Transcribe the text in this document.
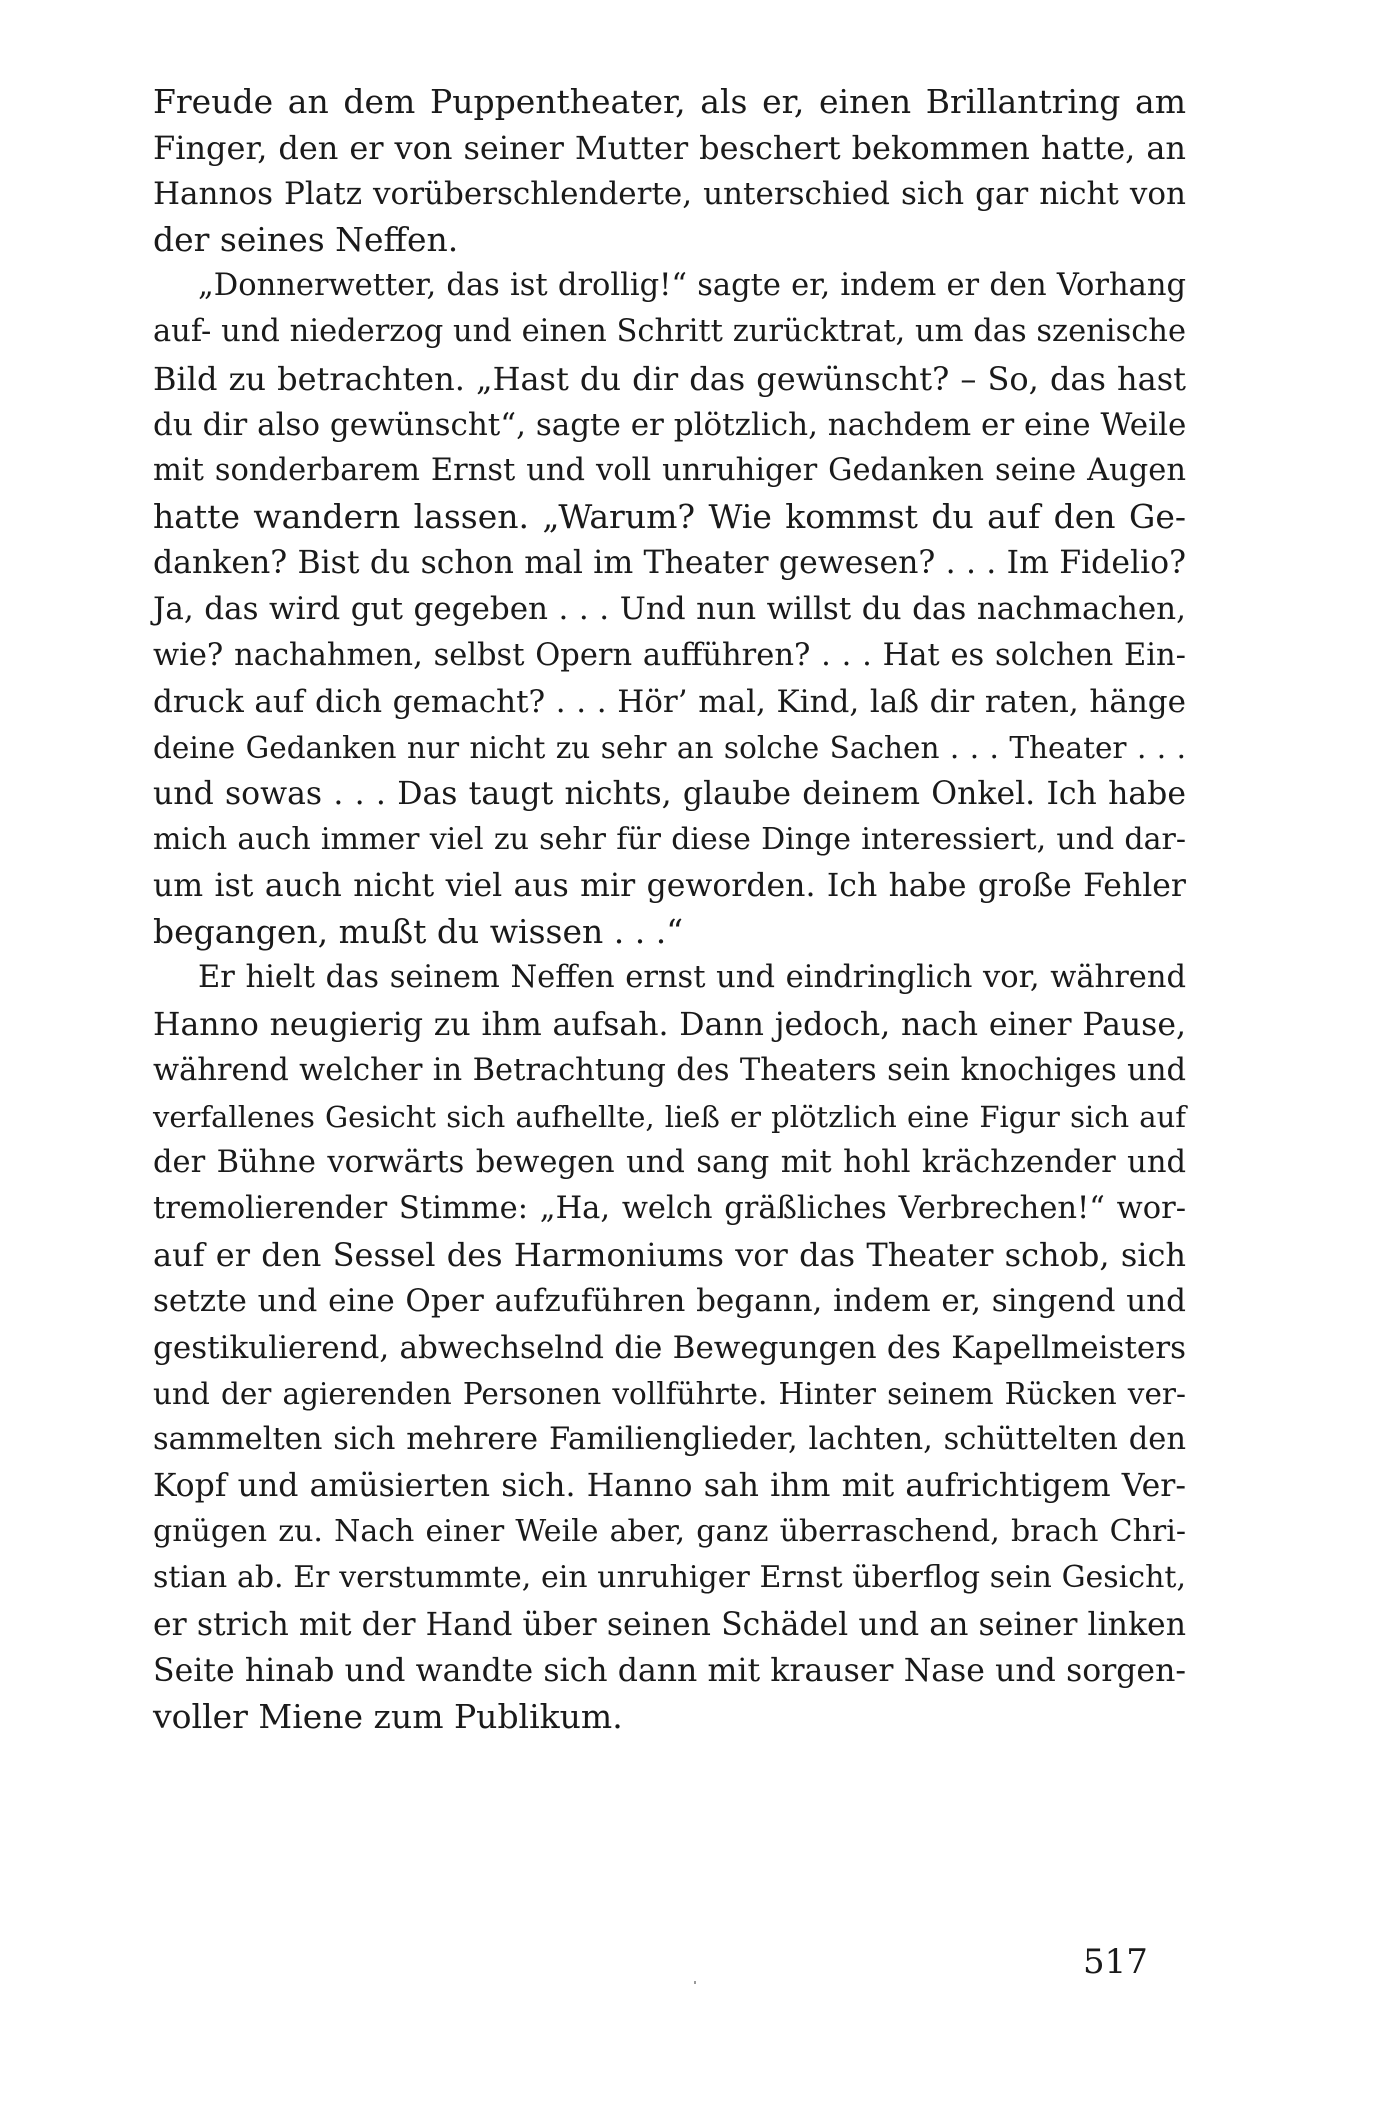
Freude an dem Puppentheater, als er, einen Brillantring am
Finger, den er von seiner Mutter beschert bekommen hatte, an
Hannos Platz vorüberschlenderte, unterschied sich gar nicht von
der seines Neffen.
„Donnerwetter, das ist drollig!“ sagte er, indem er den Vorhang
auf- und niederzog und einen Schritt zurücktrat, um das szenische
Bild zu betrachten. „Hast du dir das gewünscht? – So, das hast
du dir also gewünscht“, sagte er plötzlich, nachdem er eine Weile
mit sonderbarem Ernst und voll unruhiger Gedanken seine Augen
hatte wandern lassen. „Warum? Wie kommst du auf den Ge-
danken? Bist du schon mal im Theater gewesen? . . . Im Fidelio?
Ja, das wird gut gegeben . . . Und nun willst du das nachmachen,
wie? nachahmen, selbst Opern aufführen? . . . Hat es solchen Ein-
druck auf dich gemacht? . . . Hör’ mal, Kind, laß dir raten, hänge
deine Gedanken nur nicht zu sehr an solche Sachen . . . Theater . . .
und sowas . . . Das taugt nichts, glaube deinem Onkel. Ich habe
mich auch immer viel zu sehr für diese Dinge interessiert, und dar-
um ist auch nicht viel aus mir geworden. Ich habe große Fehler
begangen, mußt du wissen . . .“
Er hielt das seinem Neffen ernst und eindringlich vor, während
Hanno neugierig zu ihm aufsah. Dann jedoch, nach einer Pause,
während welcher in Betrachtung des Theaters sein knochiges und
verfallenes Gesicht sich aufhellte, ließ er plötzlich eine Figur sich auf
der Bühne vorwärts bewegen und sang mit hohl krächzender und
tremolierender Stimme: „Ha, welch gräßliches Verbrechen!“ wor-
auf er den Sessel des Harmoniums vor das Theater schob, sich
setzte und eine Oper aufzuführen begann, indem er, singend und
gestikulierend, abwechselnd die Bewegungen des Kapellmeisters
und der agierenden Personen vollführte. Hinter seinem Rücken ver-
sammelten sich mehrere Familienglieder, lachten, schüttelten den
Kopf und amüsierten sich. Hanno sah ihm mit aufrichtigem Ver-
gnügen zu. Nach einer Weile aber, ganz überraschend, brach Chri-
stian ab. Er verstummte, ein unruhiger Ernst überflog sein Gesicht,
er strich mit der Hand über seinen Schädel und an seiner linken
Seite hinab und wandte sich dann mit krauser Nase und sorgen-
voller Miene zum Publikum.
517
